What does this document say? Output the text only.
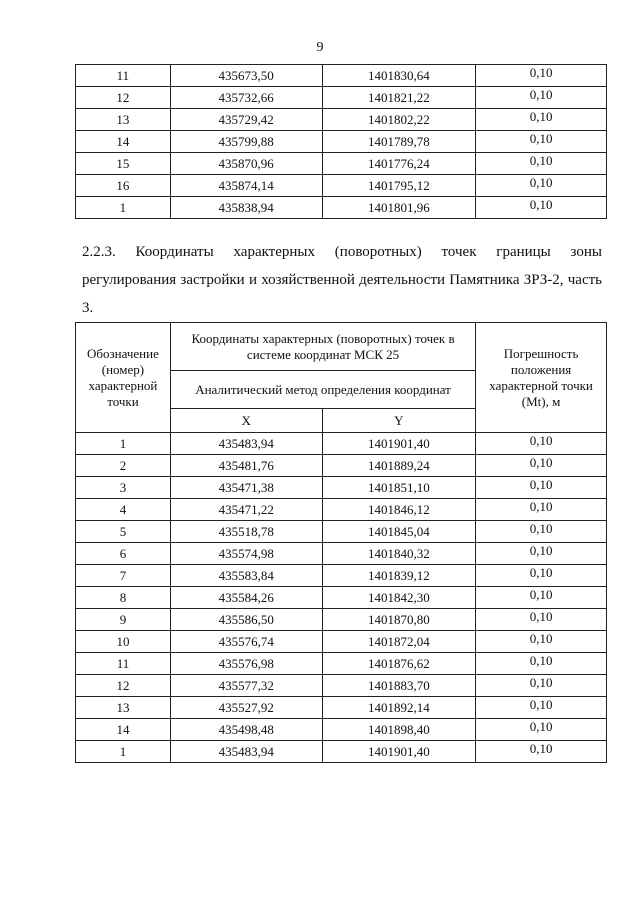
9
11	435673,50	1401830,64	0,10
12	435732,66	1401821,22	0,10
13	435729,42	1401802,22	0,10
14	435799,88	1401789,78	0,10
15	435870,96	1401776,24	0,10
16	435874,14	1401795,12	0,10
1	435838,94	1401801,96	0,10
2.2.3. Координаты характерных (поворотных) точек границы зоны регулирования застройки и хозяйственной деятельности Памятника ЗРЗ-2, часть 3.
Обозначение (номер) характерной точки	Координаты характерных (поворотных) точек в системе координат МСК 25		Погрешность положения характерной точки (Mt), м
	Аналитический метод определения координат		
	X	Y	
1	435483,94	1401901,40	0,10
2	435481,76	1401889,24	0,10
3	435471,38	1401851,10	0,10
4	435471,22	1401846,12	0,10
5	435518,78	1401845,04	0,10
6	435574,98	1401840,32	0,10
7	435583,84	1401839,12	0,10
8	435584,26	1401842,30	0,10
9	435586,50	1401870,80	0,10
10	435576,74	1401872,04	0,10
11	435576,98	1401876,62	0,10
12	435577,32	1401883,70	0,10
13	435527,92	1401892,14	0,10
14	435498,48	1401898,40	0,10
1	435483,94	1401901,40	0,10
